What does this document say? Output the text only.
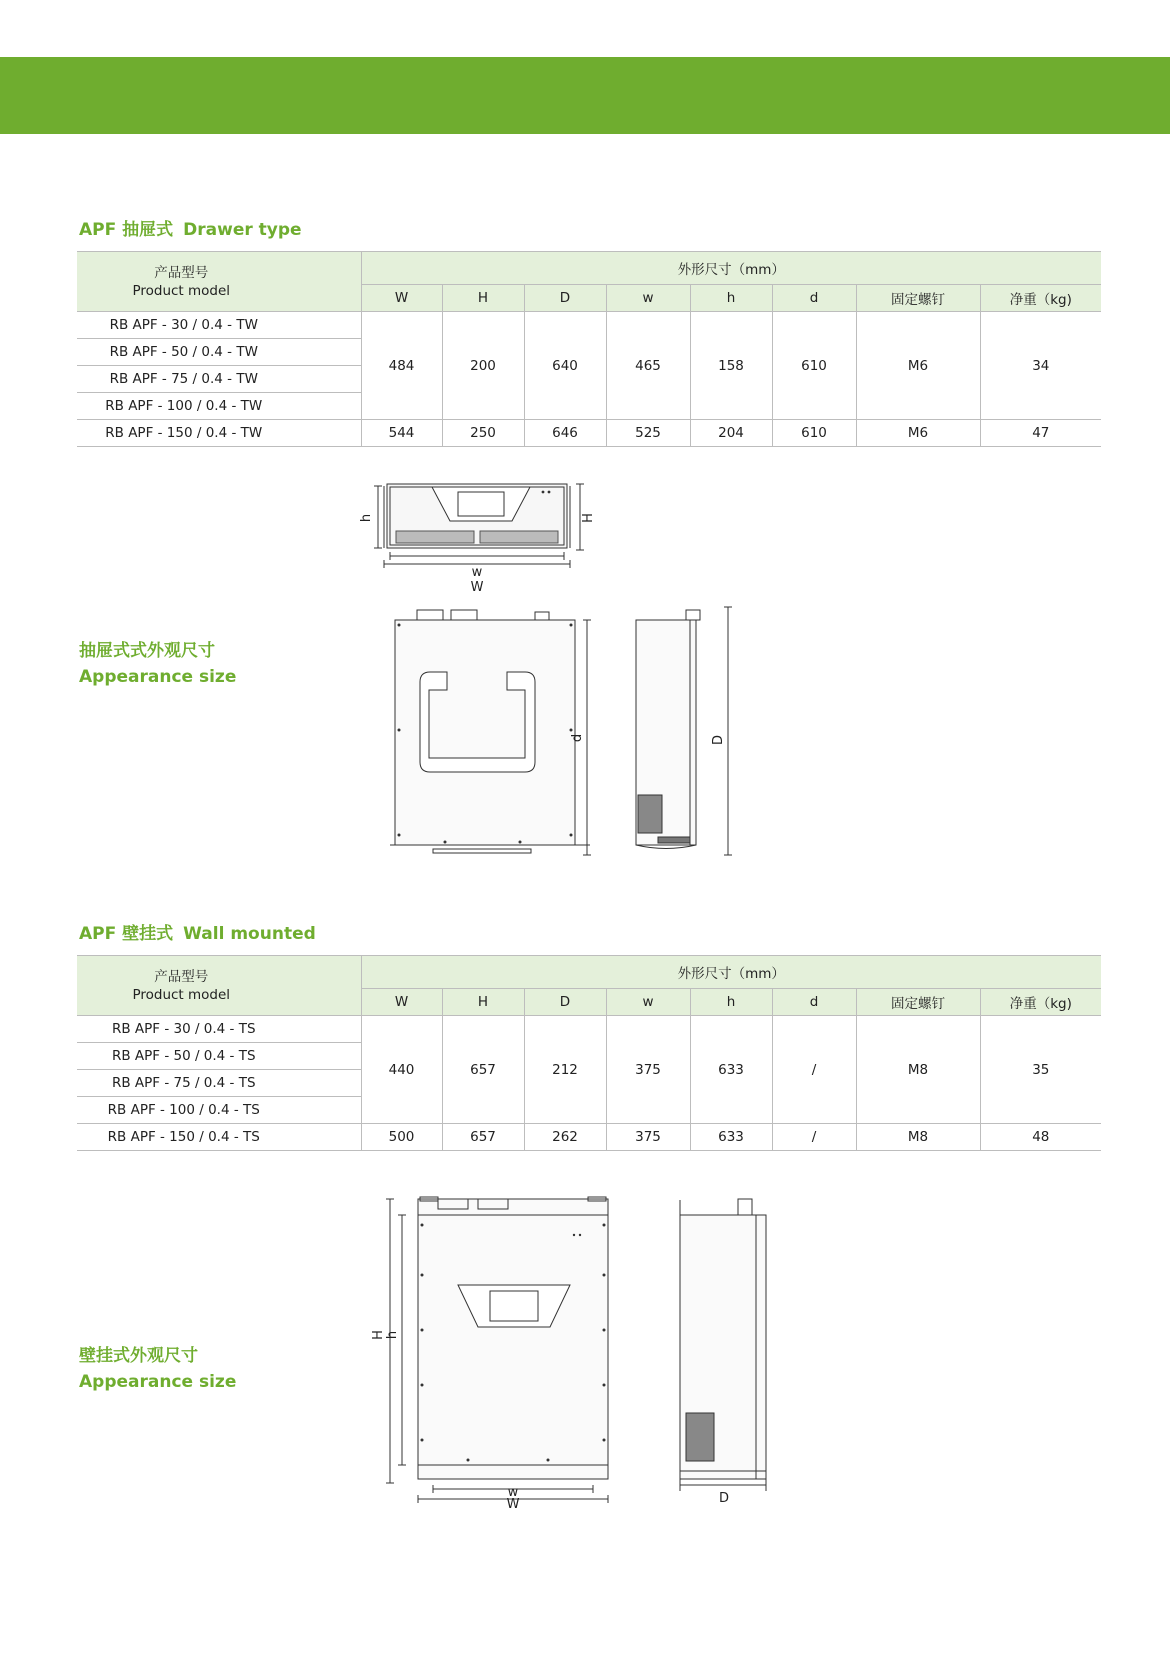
APF 抽屉式 Drawer type
产品型号
Product model	外形尺寸（mm）							
	W	H	D	w	h	d	固定螺钉	净重（kg)
RB APF - 30 / 0.4 - TW	484	200	640	465	158	610	M6	34
RB APF - 50 / 0.4 - TW								
RB APF - 75 / 0.4 - TW								
RB APF - 100 / 0.4 - TW								
RB APF - 150 / 0.4 - TW	544	250	646	525	204	610	M6	47
抽屉式式外观尺寸
Appearance size
h	H
w
W
d	D
APF 壁挂式 Wall mounted
产品型号
Product model	外形尺寸（mm）							
	W	H	D	w	h	d	固定螺钉	净重（kg)
RB APF - 30 / 0.4 - TS	440	657	212	375	633	/	M8	35
RB APF - 50 / 0.4 - TS								
RB APF - 75 / 0.4 - TS								
RB APF - 100 / 0.4 - TS								
RB APF - 150 / 0.4 - TS	500	657	262	375	633	/	M8	48
壁挂式外观尺寸
Appearance size
H h
w
W	D
